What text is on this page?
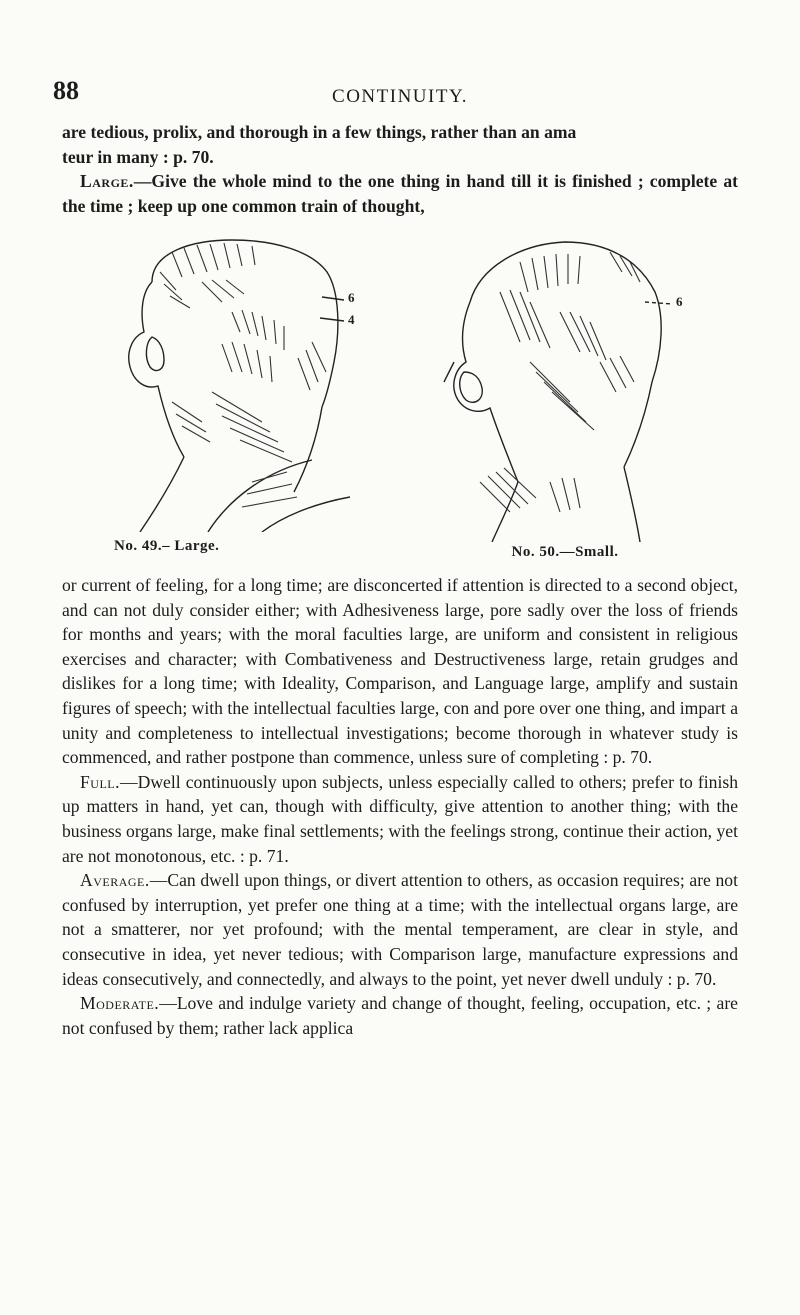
88	CONTINUITY.

are tedious, prolix, and thorough in a few things, rather than an ama

teur in many : p. 70.

Large.—Give the whole mind to the one thing in hand till it is finished ; complete at the time ; keep up one common train of thought,

6
4
No. 49.– Large.
6
No. 50.—Small.

or current of feeling, for a long time; are disconcerted if attention is directed to a second object, and can not duly consider either; with Adhesiveness large, pore sadly over the loss of friends for months and years; with the moral faculties large, are uniform and consistent in religious exercises and character; with Combativeness and Destructiveness large, retain grudges and dislikes for a long time; with Ideality, Comparison, and Language large, amplify and sustain figures of speech; with the intellectual faculties large, con and pore over one thing, and impart a unity and completeness to intellectual investigations; become thorough in whatever study is commenced, and rather postpone than commence, unless sure of completing : p. 70.

Full.—Dwell continuously upon subjects, unless especially called to others; prefer to finish up matters in hand, yet can, though with difficulty, give attention to another thing; with the business organs large, make final settlements; with the feelings strong, continue their action, yet are not monotonous, etc. : p. 71.

Average.—Can dwell upon things, or divert attention to others, as occasion requires; are not confused by interruption, yet prefer one thing at a time; with the intellectual organs large, are not a smatterer, nor yet profound; with the mental temperament, are clear in style, and consecutive in idea, yet never tedious; with Comparison large, manufacture expressions and ideas consecutively, and connectedly, and always to the point, yet never dwell unduly : p. 70.

Moderate.—Love and indulge variety and change of thought, feeling, occupation, etc. ; are not confused by them; rather lack applica
